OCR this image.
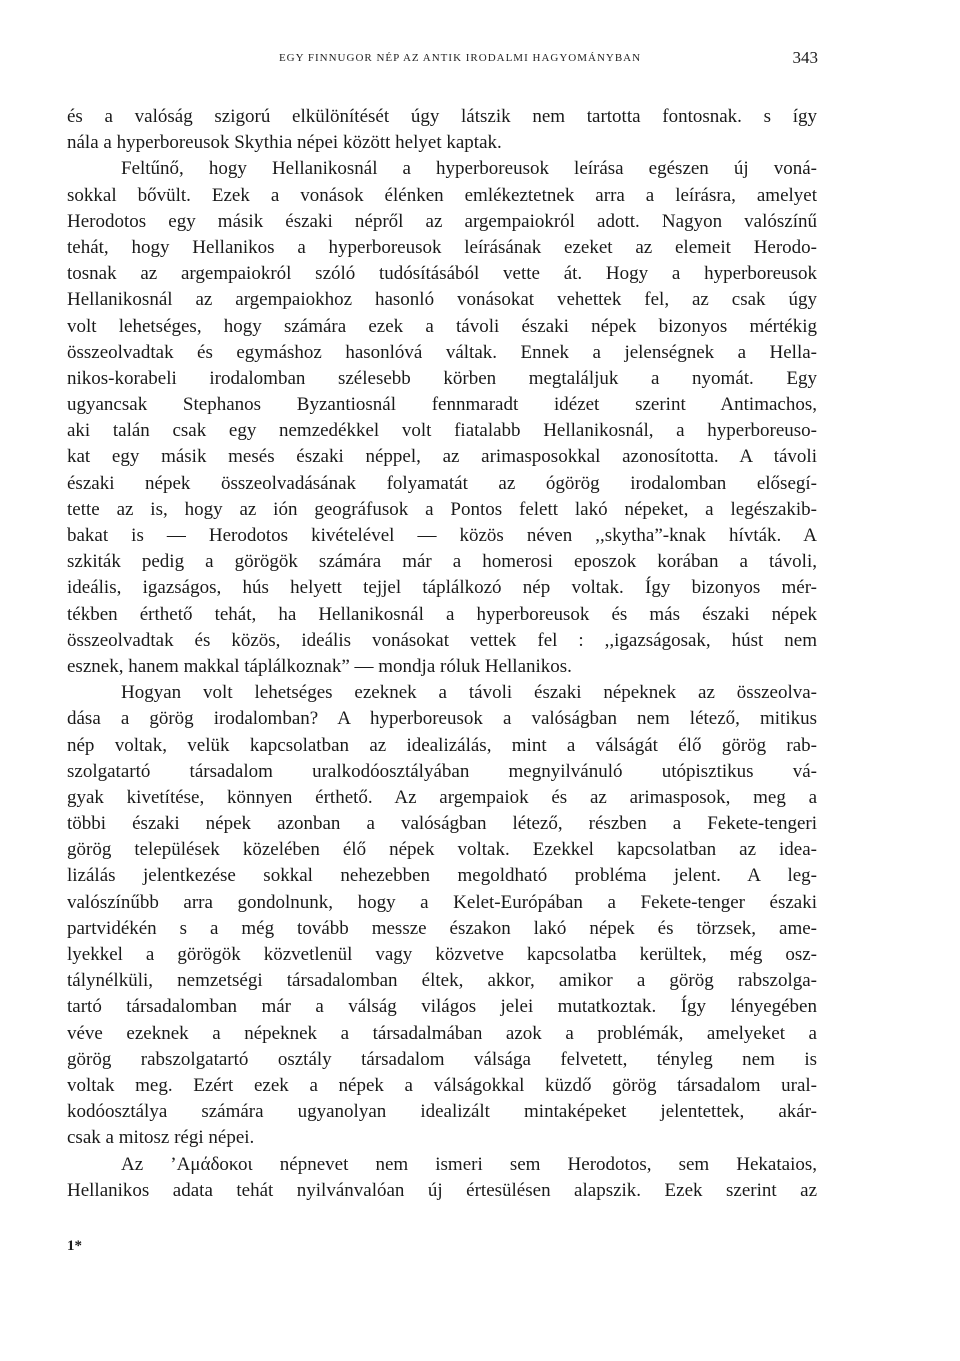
EGY FINNUGOR NÉP AZ ANTIK IRODALMI HAGYOMÁNYBAN	343
és a valóság szigorú elkülönítését úgy látszik nem tartotta fontosnak. s így
nála a hyperboreusok Skythia népei között helyet kaptak.
Feltűnő, hogy Hellanikosnál a hyperboreusok leírása egészen új voná-
sokkal bővült. Ezek a vonások élénken emlékeztetnek arra a leírásra, amelyet
Herodotos egy másik északi népről az argempaiokról adott. Nagyon valószínű
tehát, hogy Hellanikos a hyperboreusok leírásának ezeket az elemeit Herodo-
tosnak az argempaiokról szóló tudósításából vette át. Hogy a hyperboreusok
Hellanikosnál az argempaiokhoz hasonló vonásokat vehettek fel, az csak úgy
volt lehetséges, hogy számára ezek a távoli északi népek bizonyos mértékig
összeolvadtak és egymáshoz hasonlóvá váltak. Ennek a jelenségnek a Hella-
nikos-korabeli irodalomban szélesebb körben megtaláljuk a nyomát. Egy
ugyancsak Stephanos Byzantiosnál fennmaradt idézet szerint Antimachos,
aki talán csak egy nemzedékkel volt fiatalabb Hellanikosnál, a hyperboreuso-
kat egy másik mesés északi néppel, az arimasposokkal azonosította. A távoli
északi népek összeolvadásának folyamatát az ógörög irodalomban elősegí-
tette az is, hogy az ión geográfusok a Pontos felett lakó népeket, a legészakib-
bakat is — Herodotos kivételével — közös néven ,,skytha”-knak hívták. A
szkiták pedig a görögök számára már a homerosi eposzok korában a távoli,
ideális, igazságos, hús helyett tejjel táplálkozó nép voltak. Így bizonyos mér-
tékben érthető tehát, ha Hellanikosnál a hyperboreusok és más északi népek
összeolvadtak és közös, ideális vonásokat vettek fel : ,,igazságosak, húst nem
esznek, hanem makkal táplálkoznak” — mondja róluk Hellanikos.
Hogyan volt lehetséges ezeknek a távoli északi népeknek az összeolva-
dása a görög irodalomban? A hyperboreusok a valóságban nem létező, mitikus
nép voltak, velük kapcsolatban az idealizálás, mint a válságát élő görög rab-
szolgatartó társadalom uralkodóosztályában megnyilvánuló utópisztikus vá-
gyak kivetítése, könnyen érthető. Az argempaiok és az arimasposok, meg a
többi északi népek azonban a valóságban létező, részben a Fekete-tengeri
görög települések közelében élő népek voltak. Ezekkel kapcsolatban az idea-
lizálás jelentkezése sokkal nehezebben megoldható probléma jelent. A leg-
valószínűbb arra gondolnunk, hogy a Kelet-Európában a Fekete-tenger északi
partvidékén s a még tovább messze északon lakó népek és törzsek, ame-
lyekkel a görögök közvetlenül vagy közvetve kapcsolatba kerültek, még osz-
tálynélküli, nemzetségi társadalomban éltek, akkor, amikor a görög rabszolga-
tartó társadalomban már a válság világos jelei mutatkoztak. Így lényegében
véve ezeknek a népeknek a társadalmában azok a problémák, amelyeket a
görög rabszolgatartó osztály társadalom válsága felvetett, tényleg nem is
voltak meg. Ezért ezek a népek a válságokkal küzdő görög társadalom ural-
kodóosztálya számára ugyanolyan idealizált mintaképeket jelentettek, akár-
csak a mitosz régi népei.
Az ’Αμάδοκοι népnevet nem ismeri sem Herodotos, sem Hekataios,
Hellanikos adata tehát nyilvánvalóan új értesülésen alapszik. Ezek szerint az
1*
